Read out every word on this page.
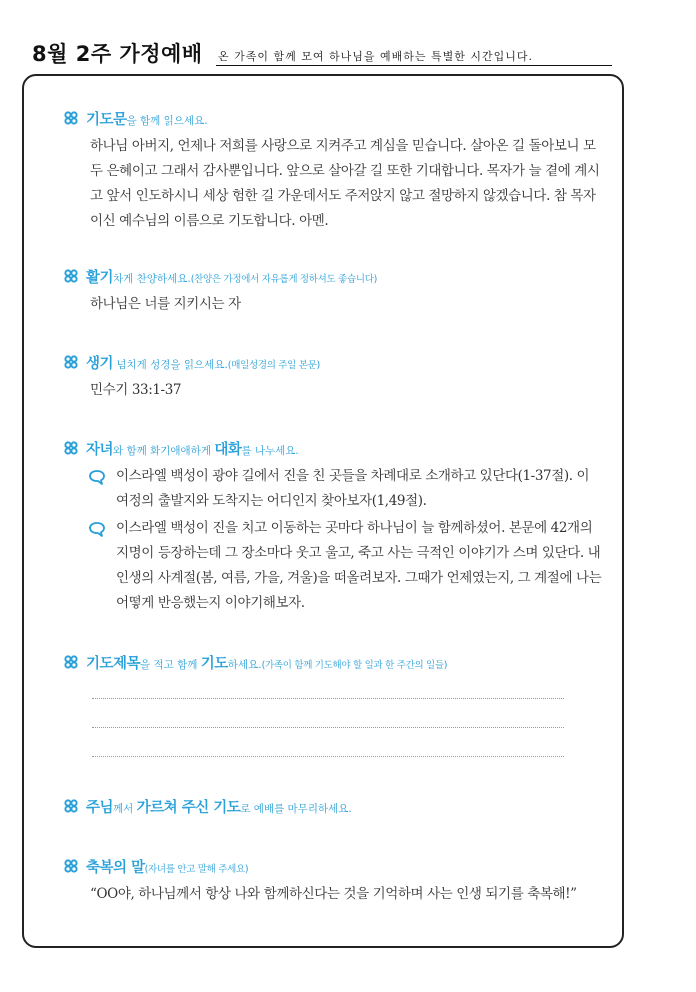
8월 2주 가정예배 온 가족이 함께 모여 하나님을 예배하는 특별한 시간입니다.
기도문을 함께 읽으세요.
하나님 아버지, 언제나 저희를 사랑으로 지켜주고 계심을 믿습니다. 살아온 길 돌아보니 모두 은혜이고 그래서 감사뿐입니다. 앞으로 살아갈 길 또한 기대합니다. 목자가 늘 곁에 계시고 앞서 인도하시니 세상 험한 길 가운데서도 주저앉지 않고 절망하지 않겠습니다. 참 목자이신 예수님의 이름으로 기도합니다. 아멘.
활기차게 찬양하세요.(찬양은 가정에서 자유롭게 정하셔도 좋습니다)
하나님은 너를 지키시는 자
생기 넘치게 성경을 읽으세요.(매일성경의 주일 본문)
민수기 33:1-37
자녀와 함께 화기애애하게 대화를 나누세요.
이스라엘 백성이 광야 길에서 진을 친 곳들을 차례대로 소개하고 있단다(1-37절). 이 여정의 출발지와 도착지는 어디인지 찾아보자(1,49절).
이스라엘 백성이 진을 치고 이동하는 곳마다 하나님이 늘 함께하셨어. 본문에 42개의 지명이 등장하는데 그 장소마다 웃고 울고, 죽고 사는 극적인 이야기가 스며 있단다. 내 인생의 사계절(봄, 여름, 가을, 겨울)을 떠올려보자. 그때가 언제였는지, 그 계절에 나는 어떻게 반응했는지 이야기해보자.
기도제목을 적고 함께 기도하세요.(가족이 함께 기도해야 할 일과 한 주간의 일들)
주님께서 가르쳐 주신 기도로 예배를 마무리하세요.
축복의 말(자녀를 안고 말해 주세요)
“OO야, 하나님께서 항상 나와 함께하신다는 것을 기억하며 사는 인생 되기를 축복해!”
